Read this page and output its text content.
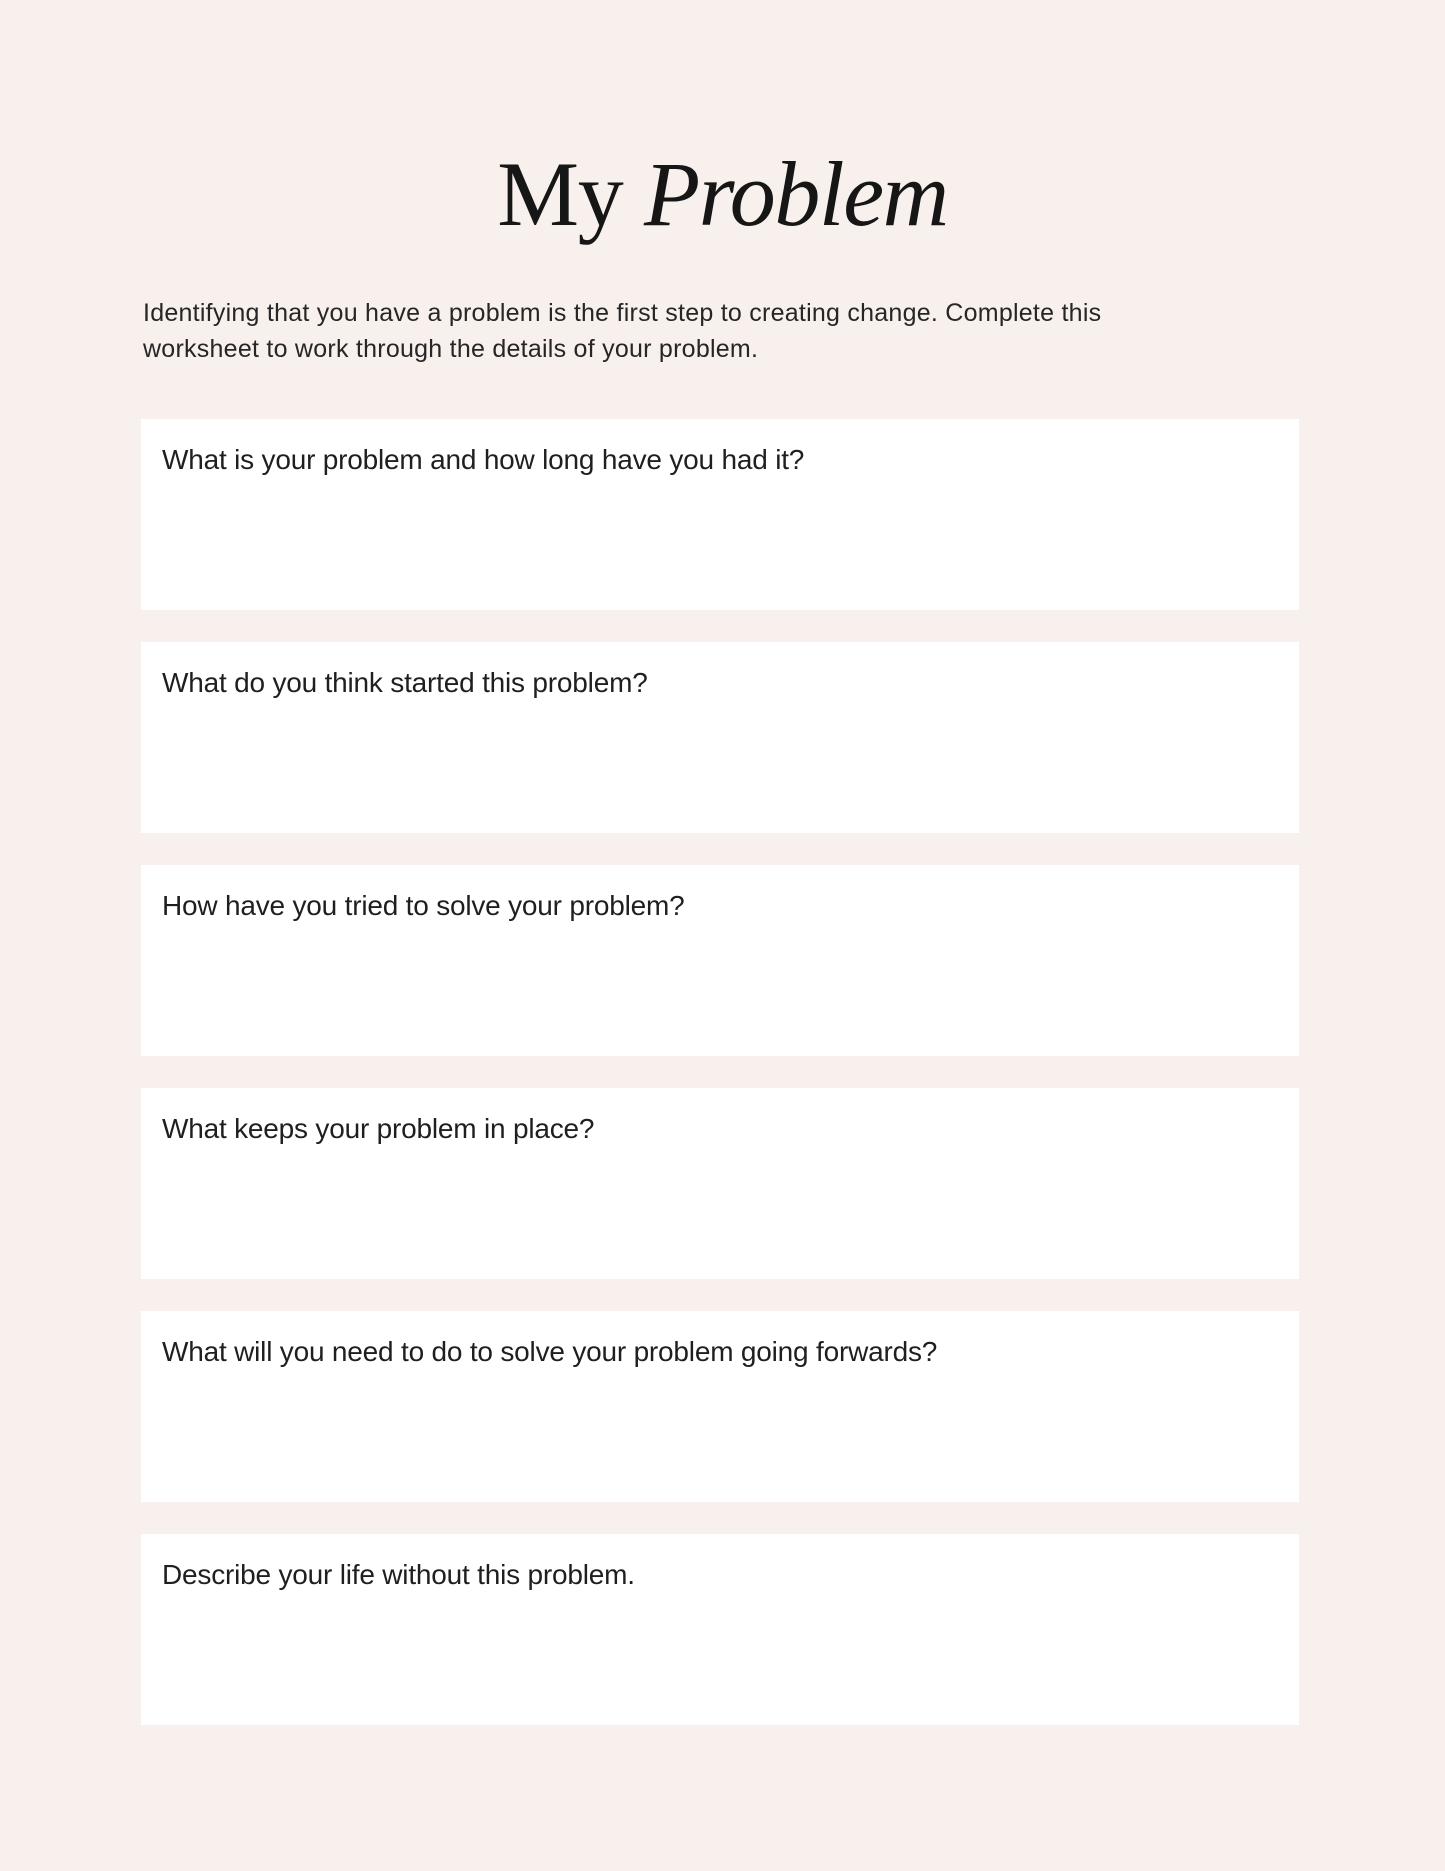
My Problem

Identifying that you have a problem is the first step to creating change. Complete this worksheet to work through the details of your problem.

What is your problem and how long have you had it?
What do you think started this problem?
How have you tried to solve your problem?
What keeps your problem in place?
What will you need to do to solve your problem going forwards?
Describe your life without this problem.
